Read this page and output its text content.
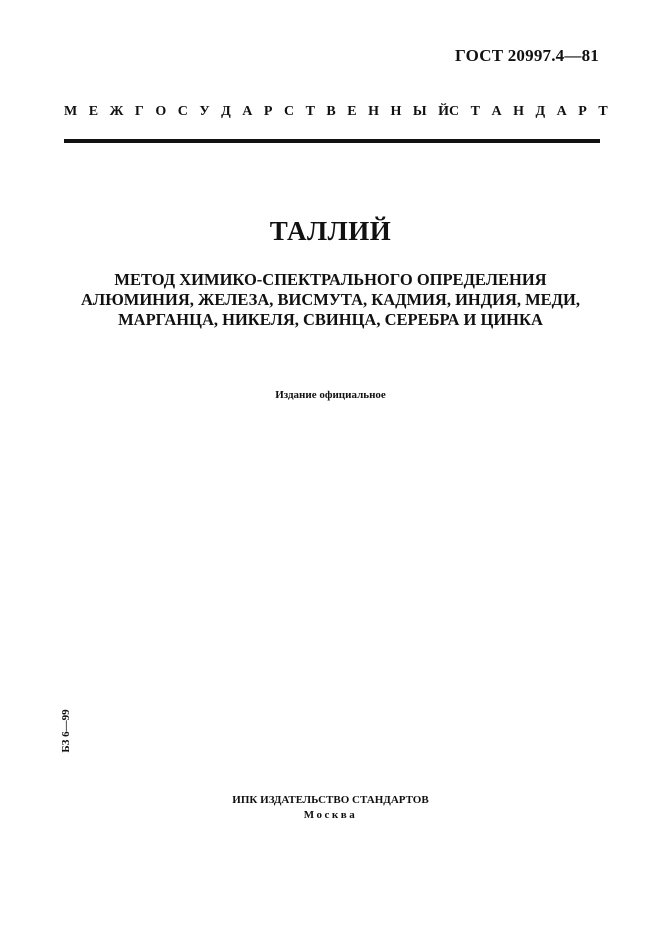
ГОСТ 20997.4—81
М Е Ж Г О С У Д А Р С Т В Е Н Н Ы Й С Т А Н Д А Р Т
ТАЛЛИЙ
МЕТОД ХИМИКО-СПЕКТРАЛЬНОГО ОПРЕДЕЛЕНИЯ
АЛЮМИНИЯ, ЖЕЛЕЗА, ВИСМУТА, КАДМИЯ, ИНДИЯ, МЕДИ,
МАРГАНЦА, НИКЕЛЯ, СВИНЦА, СЕРЕБРА И ЦИНКА
Издание официальное
БЗ 6—99
ИПК ИЗДАТЕЛЬСТВО СТАНДАРТОВ
Москва
